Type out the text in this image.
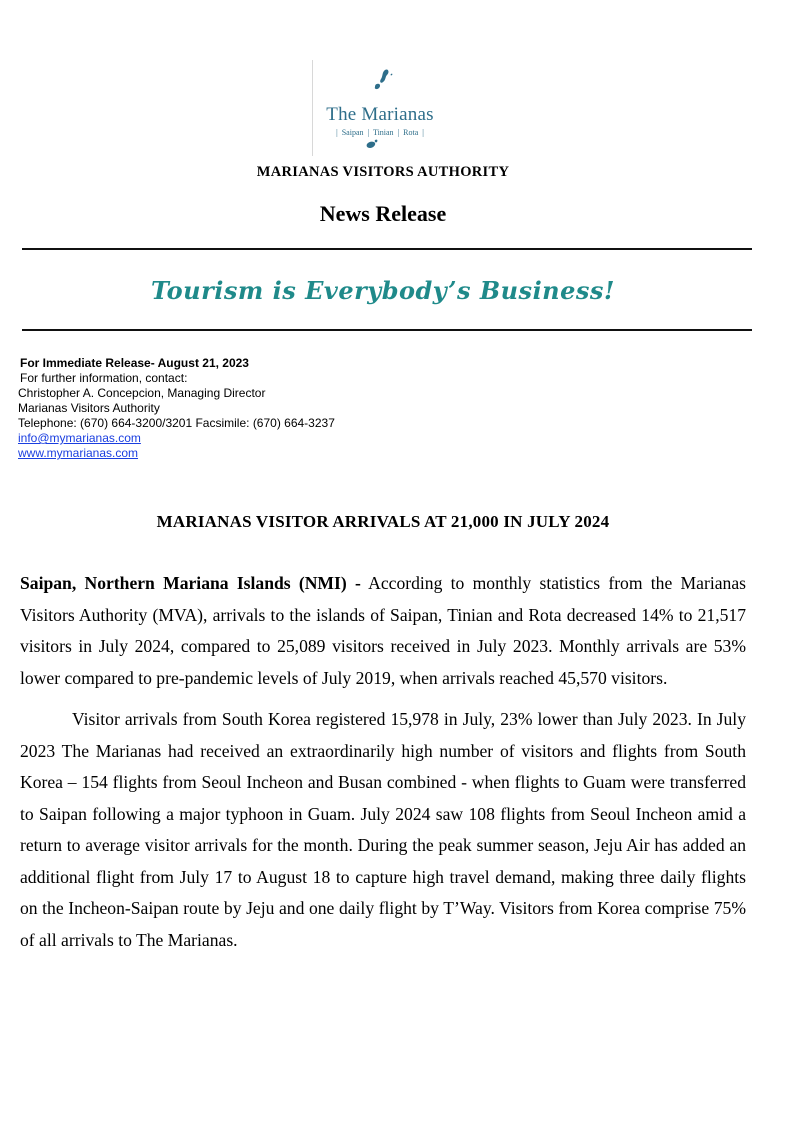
The Marianas
| Saipan | Tinian | Rota |
MARIANAS VISITORS AUTHORITY
News Release
Tourism is Everybody’s Business!
For Immediate Release- August 21, 2023
For further information, contact:
Christopher A. Concepcion, Managing Director
Marianas Visitors Authority
Telephone: (670) 664-3200/3201 Facsimile: (670) 664-3237
info@mymarianas.com
www.mymarianas.com
MARIANAS VISITOR ARRIVALS AT 21,000 IN JULY 2024

Saipan, Northern Mariana Islands (NMI) - According to monthly statistics from the Marianas Visitors Authority (MVA), arrivals to the islands of Saipan, Tinian and Rota decreased 14% to 21,517 visitors in July 2024, compared to 25,089 visitors received in July 2023. Monthly arrivals are 53% lower compared to pre-pandemic levels of July 2019, when arrivals reached 45,570 visitors.

Visitor arrivals from South Korea registered 15,978 in July, 23% lower than July 2023. In July 2023 The Marianas had received an extraordinarily high number of visitors and flights from South Korea – 154 flights from Seoul Incheon and Busan combined - when flights to Guam were transferred to Saipan following a major typhoon in Guam. July 2024 saw 108 flights from Seoul Incheon amid a return to average visitor arrivals for the month. During the peak summer season, Jeju Air has added an additional flight from July 17 to August 18 to capture high travel demand, making three daily flights on the Incheon-Saipan route by Jeju and one daily flight by T’Way. Visitors from Korea comprise 75% of all arrivals to The Marianas.
